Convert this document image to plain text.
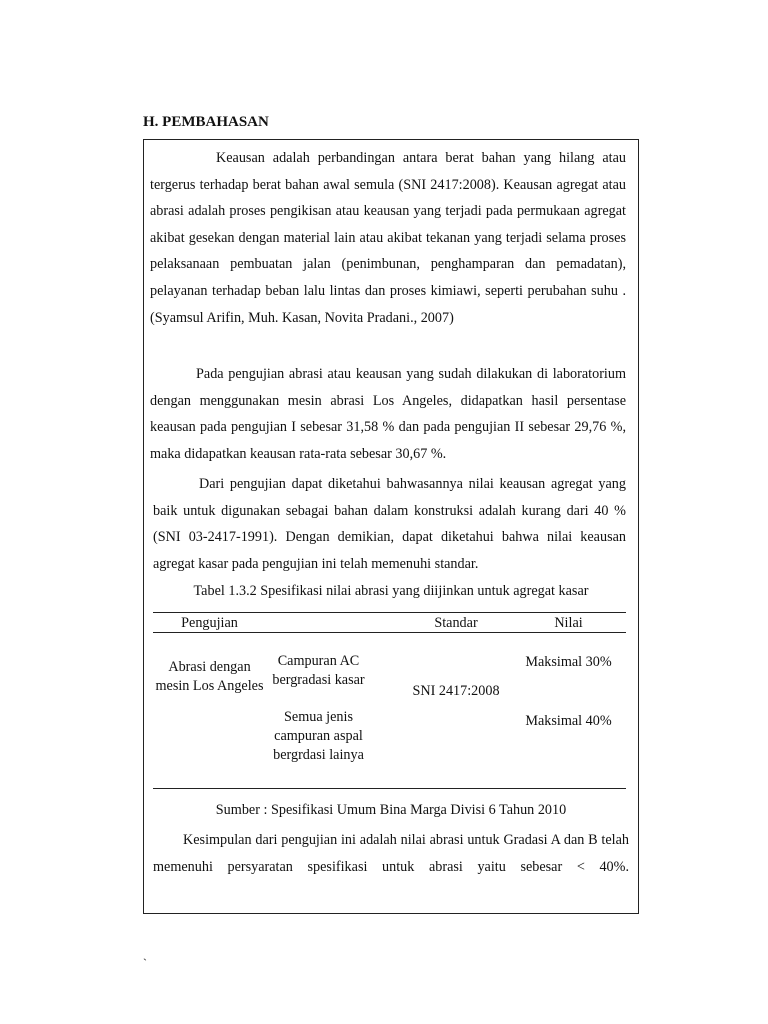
H. PEMBAHASAN
Keausan adalah perbandingan antara berat bahan yang hilang atau tergerus terhadap berat bahan awal semula (SNI 2417:2008). Keausan agregat atau abrasi adalah proses pengikisan atau keausan yang terjadi pada permukaan agregat akibat gesekan dengan material lain atau akibat tekanan yang terjadi selama proses pelaksanaan pembuatan jalan (penimbunan, penghamparan dan pemadatan), pelayanan terhadap beban lalu lintas dan proses kimiawi, seperti perubahan suhu . (Syamsul Arifin, Muh. Kasan, Novita Pradani., 2007)
Pada pengujian abrasi atau keausan yang sudah dilakukan di laboratorium dengan menggunakan mesin abrasi Los Angeles, didapatkan hasil persentase keausan pada pengujian I sebesar 31,58 % dan pada pengujian II sebesar 29,76 %, maka didapatkan keausan rata-rata sebesar 30,67 %.
Dari pengujian dapat diketahui bahwasannya nilai keausan agregat yang baik untuk digunakan sebagai bahan dalam konstruksi adalah kurang dari 40 % (SNI 03-2417-1991). Dengan demikian, dapat diketahui bahwa nilai keausan agregat kasar pada pengujian ini telah memenuhi standar.
Tabel 1.3.2 Spesifikasi nilai abrasi yang diijinkan untuk agregat kasar
Pengujian	Standar	Nilai
Abrasi dengan mesin Los Angeles
Campuran AC bergradasi kasar
Semua jenis campuran aspal bergrdasi lainya
SNI 2417:2008
Maksimal 30%
Maksimal 40%
Sumber : Spesifikasi Umum Bina Marga Divisi 6 Tahun 2010
Kesimpulan dari pengujian ini adalah nilai abrasi untuk Gradasi A dan B telah memenuhi persyaratan spesifikasi untuk abrasi yaitu sebesar < 40%.
`
